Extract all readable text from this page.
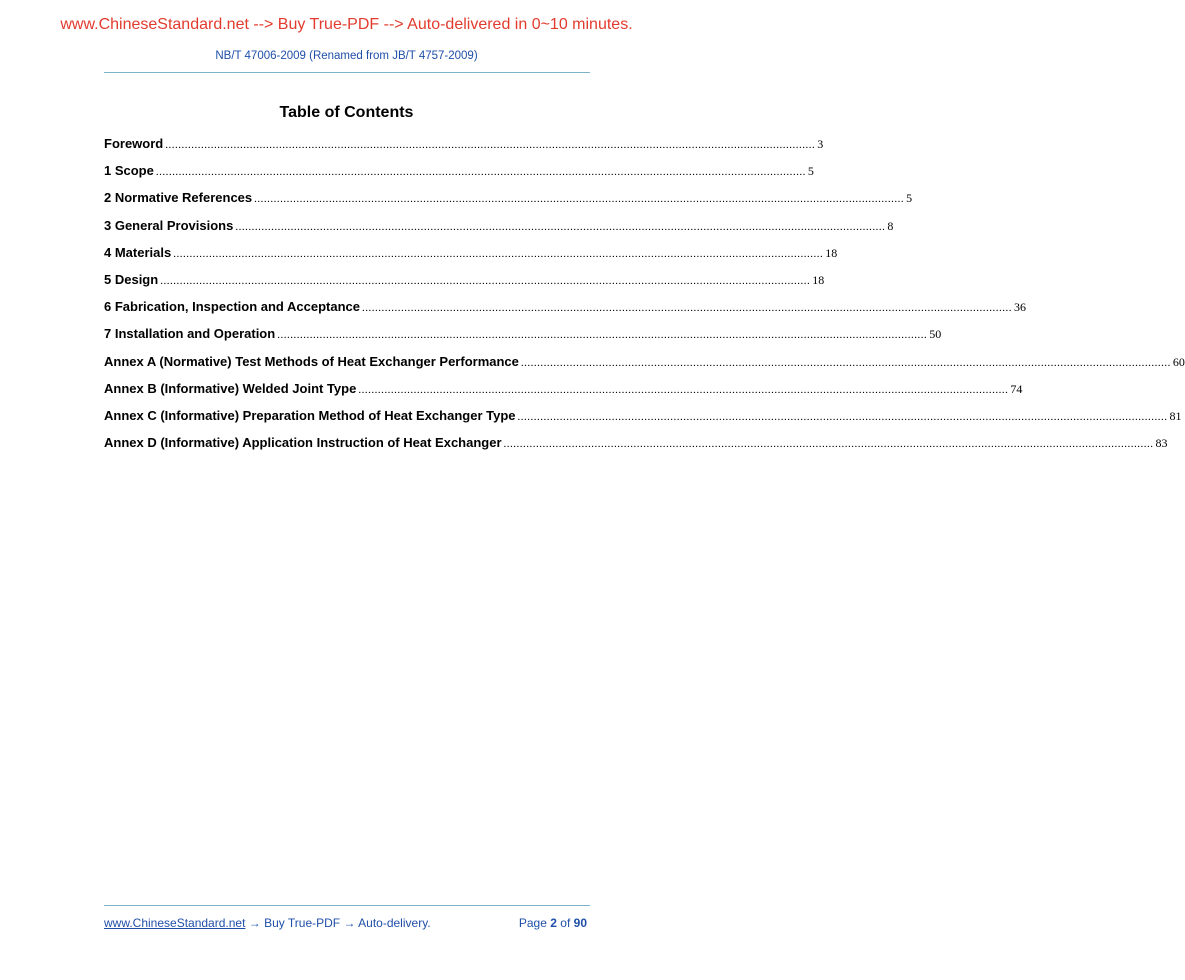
www.ChineseStandard.net --> Buy True-PDF --> Auto-delivered in 0~10 minutes.
NB/T 47006-2009 (Renamed from JB/T 4757-2009)
Table of Contents
Foreword ........................................................................................................................................................................................................ 3
1 Scope ........................................................................................................................................................................................................ 5
2 Normative References ........................................................................................................................................................................................................ 5
3 General Provisions ........................................................................................................................................................................................................ 8
4 Materials ........................................................................................................................................................................................................ 18
5 Design ........................................................................................................................................................................................................ 18
6 Fabrication, Inspection and Acceptance ........................................................................................................................................................................................................ 36
7 Installation and Operation ........................................................................................................................................................................................................ 50
Annex A (Normative) Test Methods of Heat Exchanger Performance ........................................................................................................................................................................................................ 60
Annex B (Informative) Welded Joint Type ........................................................................................................................................................................................................ 74
Annex C (Informative) Preparation Method of Heat Exchanger Type ........................................................................................................................................................................................................ 81
Annex D (Informative) Application Instruction of Heat Exchanger ........................................................................................................................................................................................................ 83
www.ChineseStandard.net → Buy True-PDF → Auto-delivery.	Page 2 of 90
